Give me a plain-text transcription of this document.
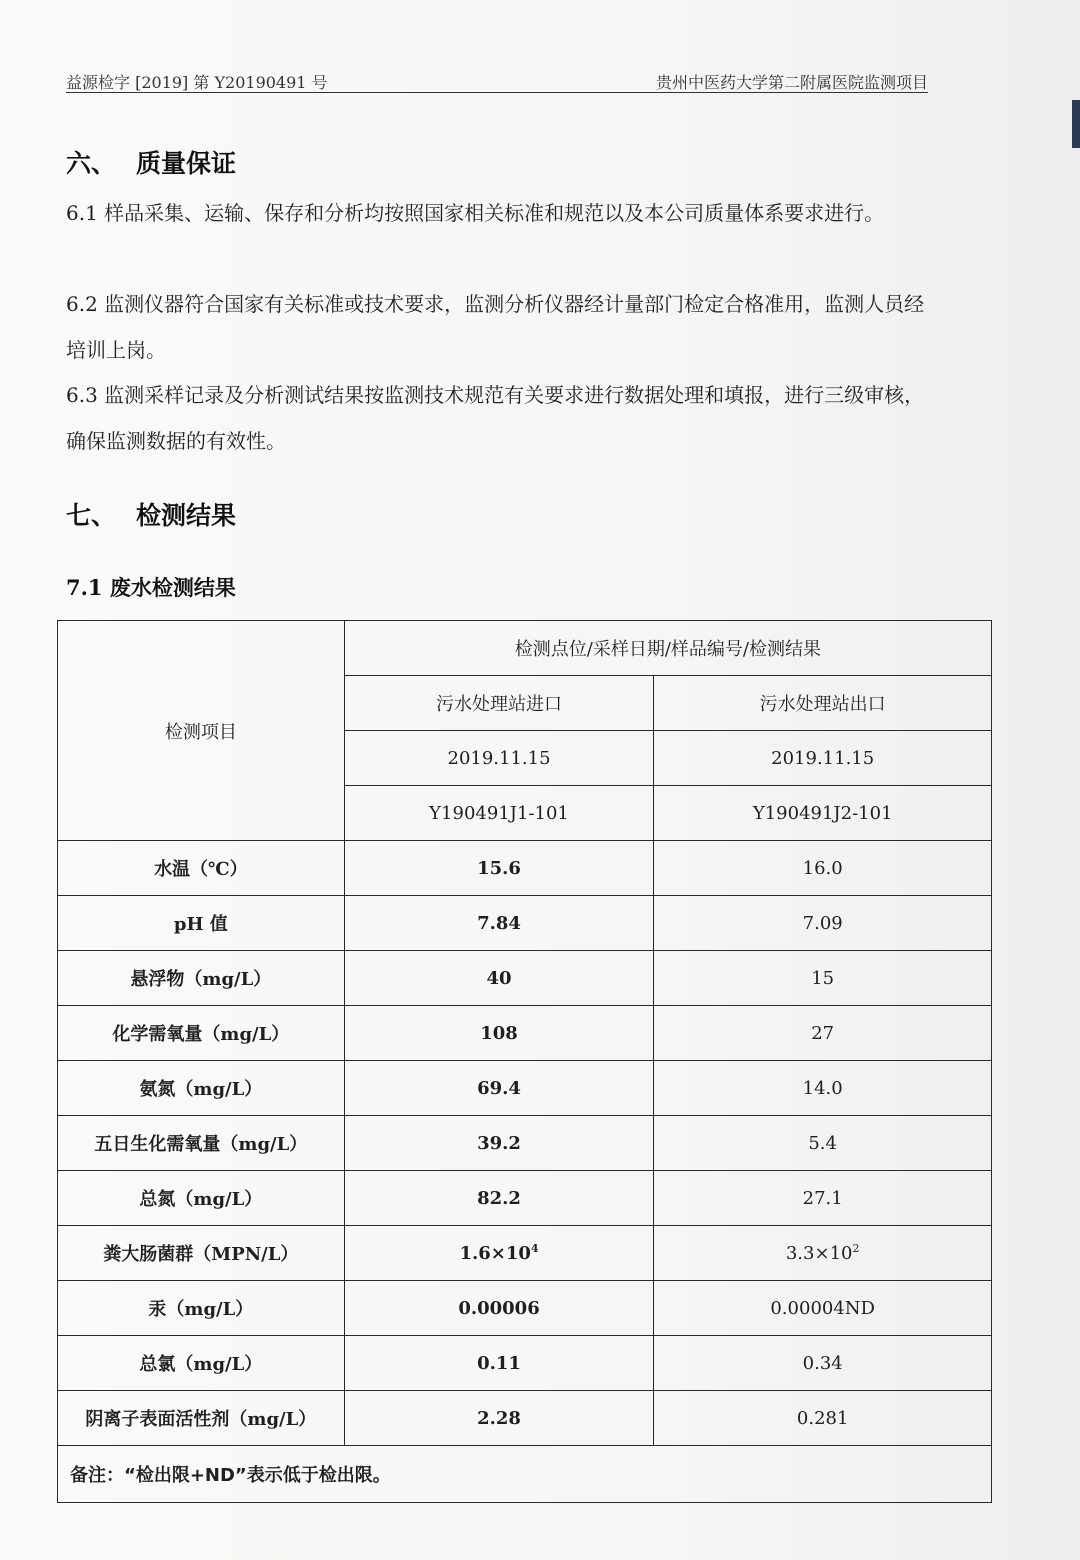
益源检字 [2019] 第 Y20190491 号	贵州中医药大学第二附属医院监测项目
六、 质量保证
6.1 样品采集、运输、保存和分析均按照国家相关标准和规范以及本公司质量体系要求进行。
6.2 监测仪器符合国家有关标准或技术要求，监测分析仪器经计量部门检定合格准用，监测人员经培训上岗。
6.3 监测采样记录及分析测试结果按监测技术规范有关要求进行数据处理和填报，进行三级审核，确保监测数据的有效性。
七、 检测结果
7.1 废水检测结果
检测项目	检测点位/采样日期/样品编号/检测结果	
	污水处理站进口	污水处理站出口
	2019.11.15	2019.11.15
	Y190491J1-101	Y190491J2-101
水温（℃）	15.6	16.0
pH 值	7.84	7.09
悬浮物（mg/L）	40	15
化学需氧量（mg/L）	108	27
氨氮（mg/L）	69.4	14.0
五日生化需氧量（mg/L）	39.2	5.4
总氮（mg/L）	82.2	27.1
粪大肠菌群（MPN/L）	$1.6\times 10^4$	$3.3\times 10^2$
汞（mg/L）	0.00006	0.00004ND
总氯（mg/L）	0.11	0.34
阴离子表面活性剂（mg/L）	2.28	0.281
备注：“检出限+ND”表示低于检出限。		
